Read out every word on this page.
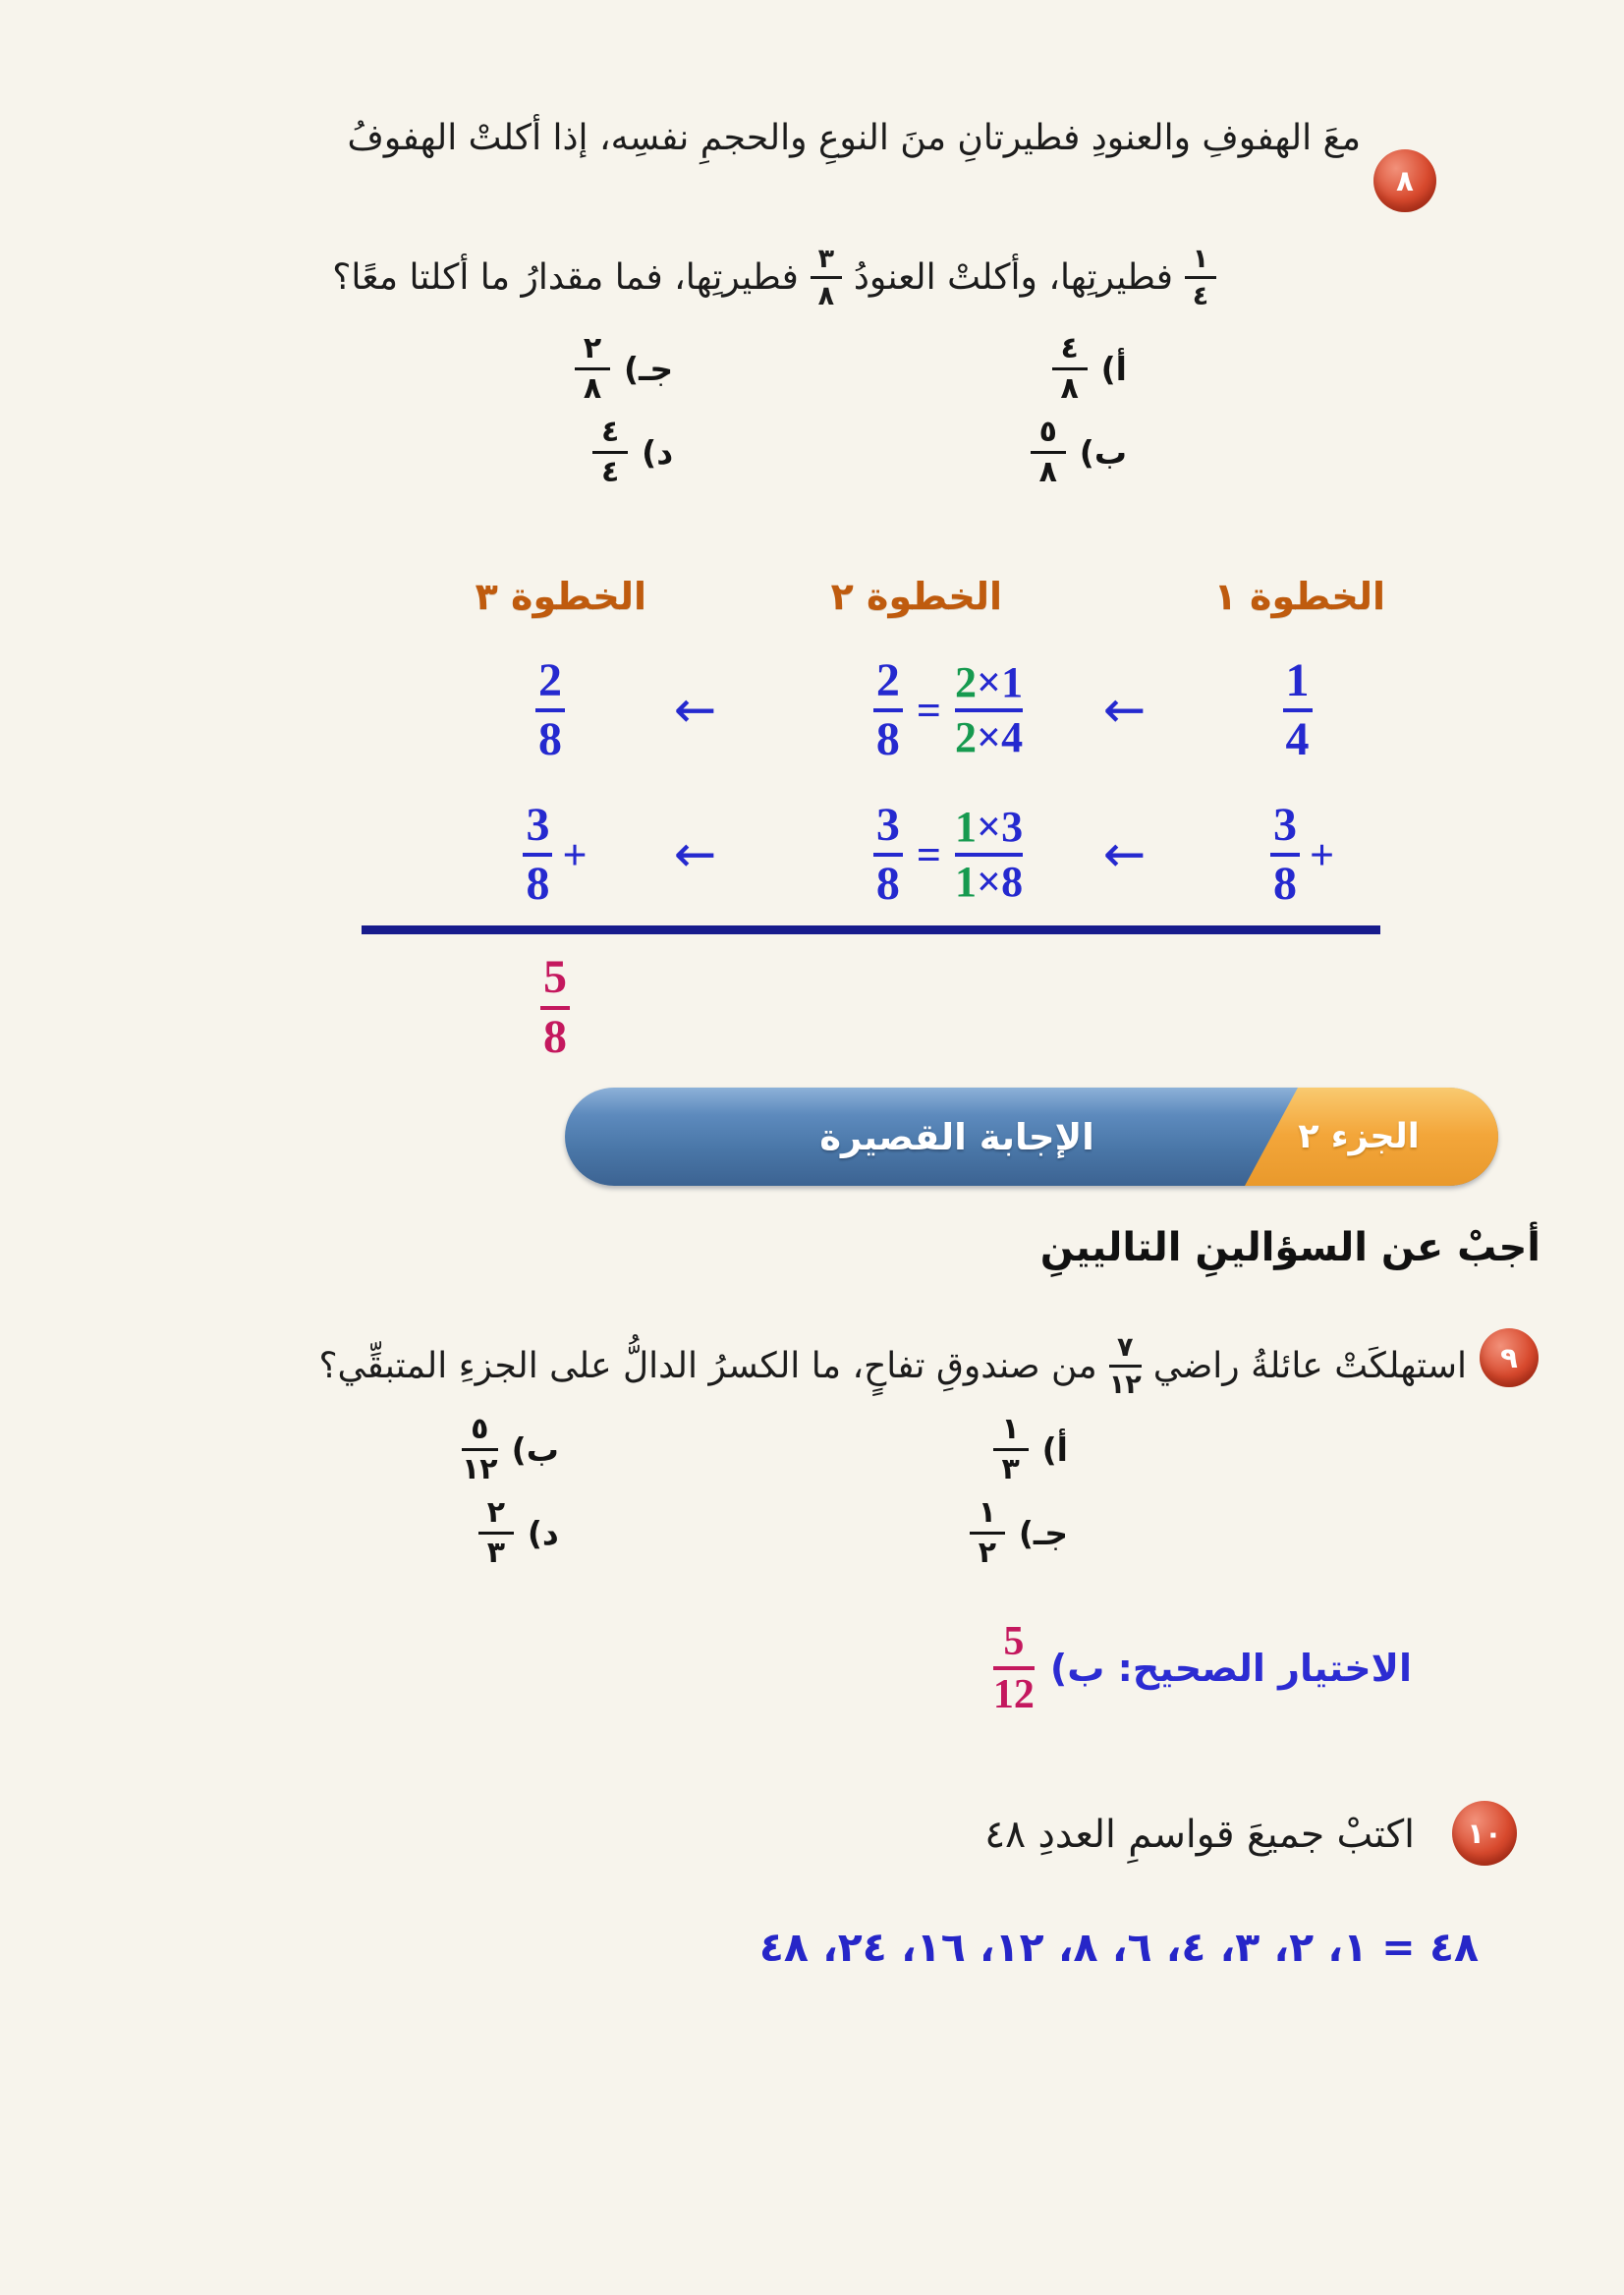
٨
معَ الهفوفِ والعنودِ فطيرتانِ منَ النوعِ والحجمِ نفسِه، إذا أكلتْ الهفوفُ
١
٤
فطيرتِها، وأكلتْ العنودُ
٣
٨
فطيرتِها، فما مقدارُ ما أكلتا معًا؟
أ)
٤
٨
جـ)
٢
٨
ب)
٥
٨
د)
٤
٤
الخطوة ١
الخطوة ٢
الخطوة ٣
2
8 ←
2
8
=
2×1
2×4 ←
1
4
3
8
+ ←
3
8
=
1×3
1×8 ←
3
8
+
5
8
الجزء ٢
الإجابة القصيرة
أجبْ عن السؤالينِ التاليينِ
٩
استهلكَتْ عائلةُ راضي
٧
١٢
من صندوقِ تفاحٍ، ما الكسرُ الدالُّ على الجزءِ المتبقِّي؟
أ)
١
٣
ب)
٥
١٢
جـ)
١
٢
د)
٢
٣
الاختيار الصحيح: ب)
5
12
١٠
اكتبْ جميعَ قواسمِ العددِ ٤٨
٤٨ = ١، ٢، ٣، ٤، ٦، ٨، ١٢، ١٦، ٢٤، ٤٨
